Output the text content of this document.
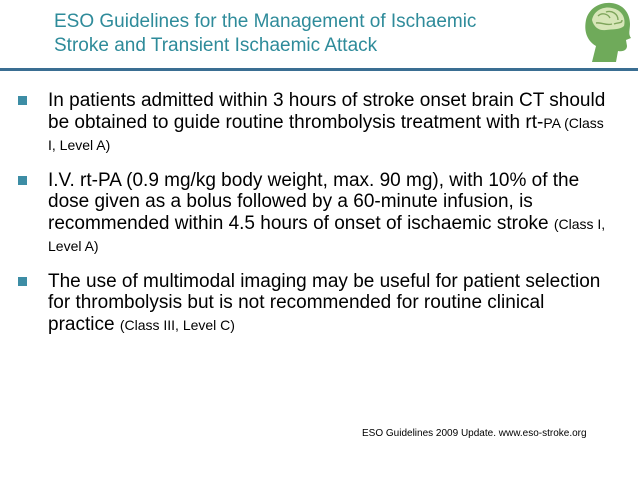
ESO Guidelines for the Management of Ischaemic
Stroke and Transient Ischaemic Attack
In patients admitted within 3 hours of stroke onset brain CT should be obtained to guide routine thrombolysis treatment with rt-PA (Class I, Level A)
I.V. rt-PA (0.9 mg/kg body weight, max. 90 mg), with 10% of the dose given as a bolus followed by a 60-minute infusion, is recommended within 4.5 hours of onset of ischaemic stroke (Class I, Level A)
The use of multimodal imaging may be useful for patient selection for thrombolysis but is not recommended for routine clinical practice (Class III, Level C)
ESO Guidelines 2009 Update. www.eso-stroke.org
